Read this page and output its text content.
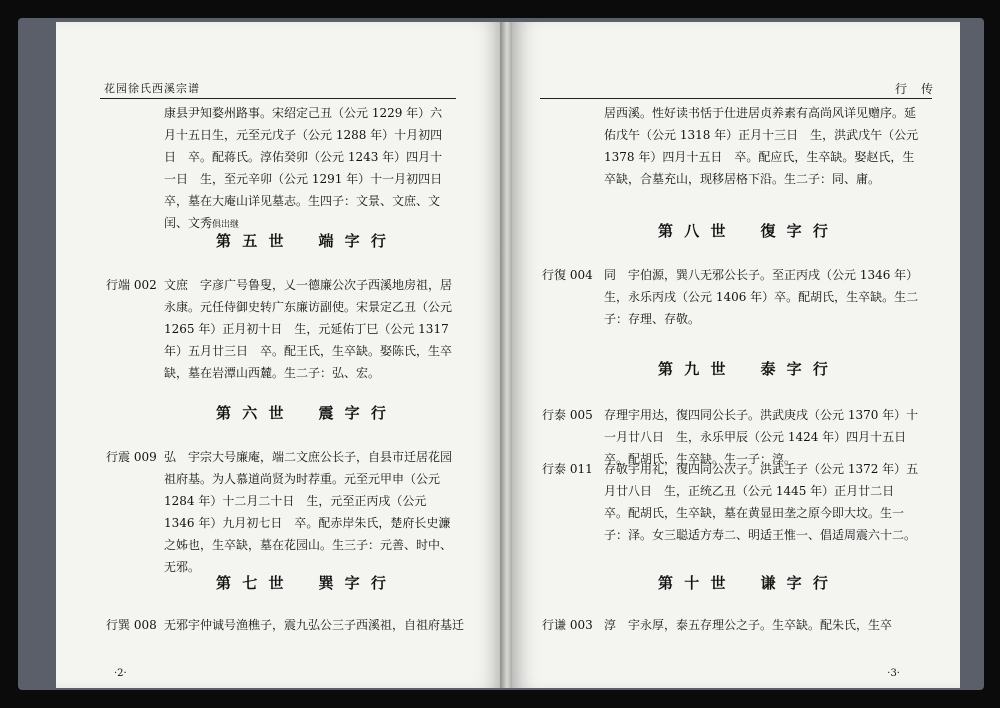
花园徐氏西溪宗谱
康县尹知婺州路事。宋绍定己丑（公元 1229 年）六月十五日生，元至元戊子（公元 1288 年）十月初四日　卒。配蒋氏。淳佑癸卯（公元 1243 年）四月十一日　生，至元辛卯（公元 1291 年）十一月初四日　卒，墓在大庵山详见墓志。生四子：文景、文庶、文闰、文秀俱出继
第 五 世 端 字 行
行端 002 文庶　字彦广号鲁叟，乂一德廉公次子西溪地房祖，居永康。元任侍御史转广东廉访副使。宋景定乙丑（公元 1265 年）正月初十日　生，元延佑丁巳（公元 1317 年）五月廿三日　卒。配王氏，生卒缺。娶陈氏，生卒缺，墓在岩潭山西麓。生二子：弘、宏。
第 六 世 震 字 行
行震 009 弘　宇宗大号廉庵，端二文庶公长子，自县市迁居花园祖府基。为人慕道尚贤为时荐重。元至元甲申（公元 1284 年）十二月二十日　生，元至正丙戌（公元 1346 年）九月初七日　卒。配赤岸朱氏，楚府长史濂之姊也，生卒缺，墓在花园山。生三子：元善、时中、无邪。
第 七 世 巽 字 行
行巽 008 无邪宇仲诚号渔樵子，震九弘公三子西溪祖，自祖府基迁
·2·
行　传
居西溪。性好读书恬于仕进居贞养素有高尚风详见赠序。延佑戊午（公元 1318 年）正月十三日　生，洪武戊午（公元 1378 年）四月十五日　卒。配应氏，生卒缺。娶赵氏，生卒缺，合墓充山，现移居格下沿。生二子：同、庸。
第 八 世 復 字 行
行復 004 同　宇伯源，巽八无邪公长子。至正丙戌（公元 1346 年）生，永乐丙戌（公元 1406 年）卒。配胡氏，生卒缺。生二子：存理、存敬。
第 九 世 泰 字 行
行泰 005 存理宇用达，復四同公长子。洪武庚戌（公元 1370 年）十一月廿八日　生，永乐甲辰（公元 1424 年）四月十五日　卒。配胡氏，生卒缺。生一子：淳。
行泰 011 存敬宇用礼，復四同公次子。洪武壬子（公元 1372 年）五月廿八日　生，正统乙丑（公元 1445 年）正月廿二日　卒。配胡氏，生卒缺，墓在黄显田垄之原今即大坟。生一子：泽。女三聪适方寿二、明适王惟一、倡适周震六十二。
第 十 世 谦 字 行
行谦 003 淳　宇永厚，泰五存理公之子。生卒缺。配朱氏，生卒
·3·
